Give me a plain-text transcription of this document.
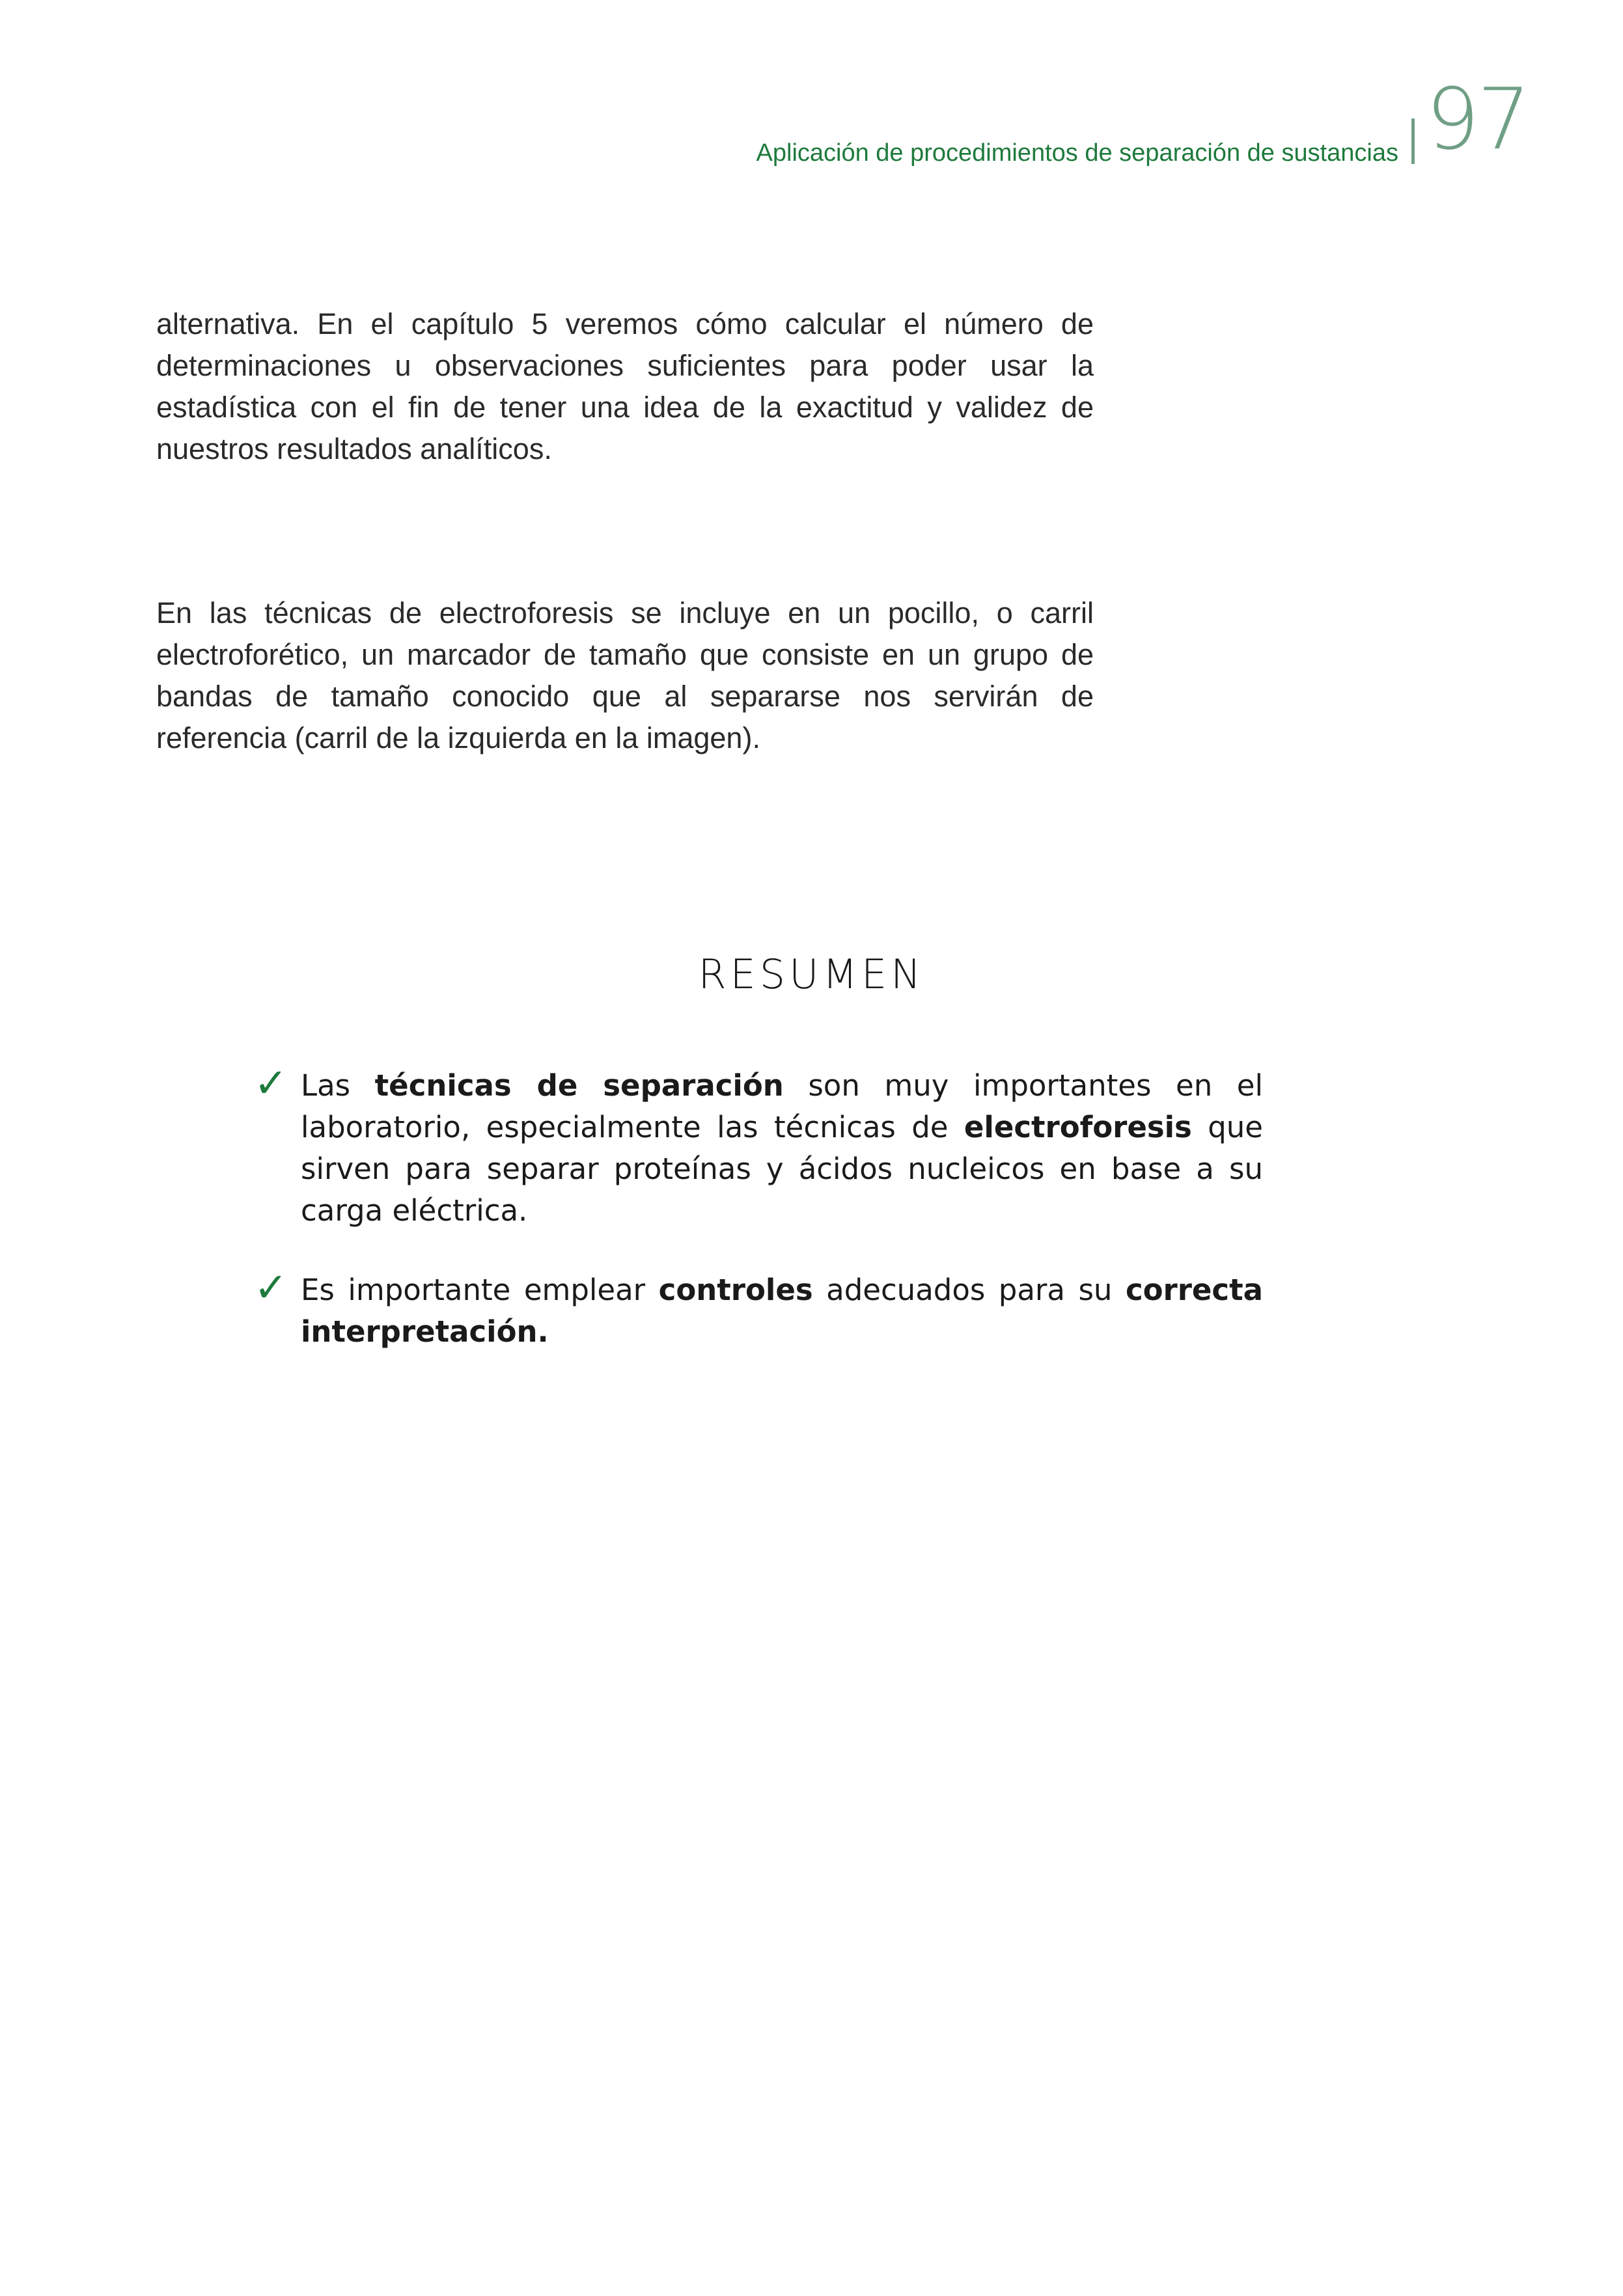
Aplicación de procedimientos de separación de sustancias 97

alternativa. En el capítulo 5 veremos cómo calcular el número de determinaciones u observaciones suficientes para poder usar la estadística con el fin de tener una idea de la exactitud y validez de nuestros resultados analíticos.

En las técnicas de electroforesis se incluye en un pocillo, o carril electroforético, un marcador de tamaño que consiste en un grupo de bandas de tamaño conocido que al separarse nos servirán de referencia (carril de la izquierda en la imagen).

RESUMEN
✓ Las técnicas de separación son muy importantes en el laboratorio, especialmente las técnicas de electroforesis que sirven para separar proteínas y ácidos nucleicos en base a su carga eléctrica.
✓ Es importante emplear controles adecuados para su correcta interpretación.
